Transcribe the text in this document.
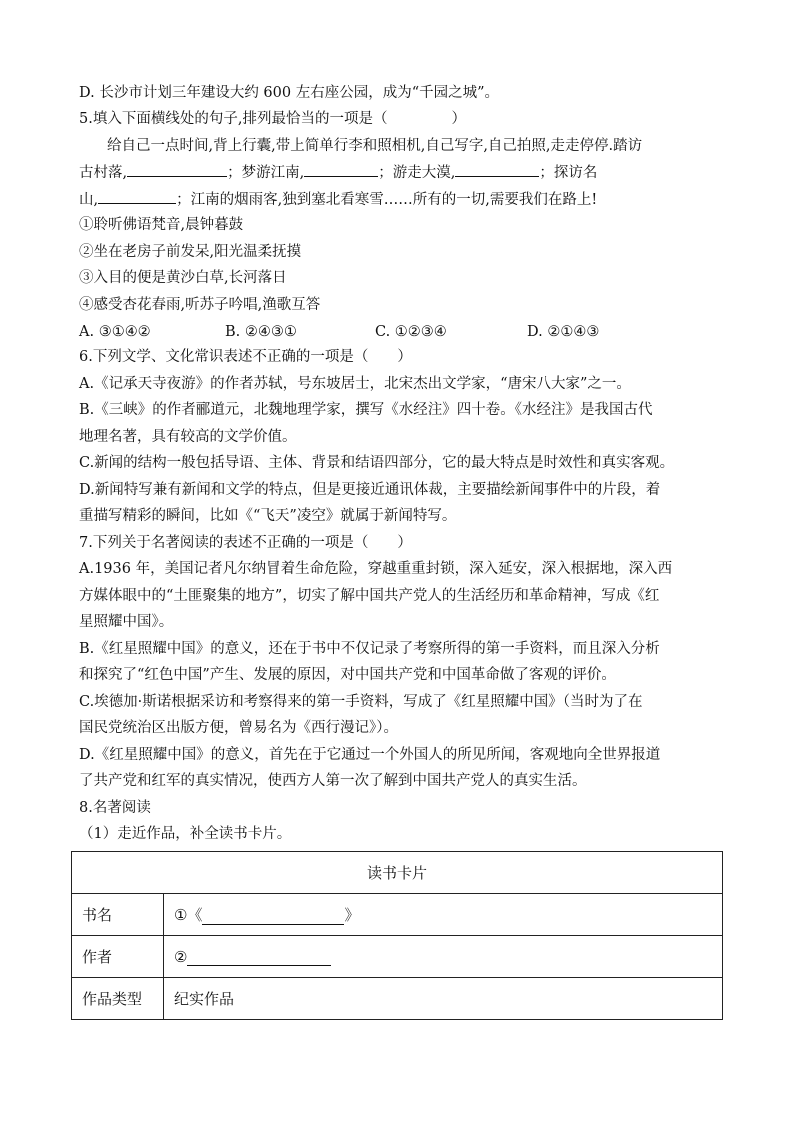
D. 长沙市计划三年建设大约 600 左右座公园，成为“千园之城”。
5.填入下面横线处的句子,排列最恰当的一项是（	）
给自己一点时间,背上行囊,带上简单行李和照相机,自己写字,自己拍照,走走停停.踏访
古村落,	；梦游江南,	；游走大漠,	；探访名
山,	；江南的烟雨客,独到塞北看寒雪……所有的一切,需要我们在路上!
①聆听佛语梵音,晨钟暮鼓
②坐在老房子前发呆,阳光温柔抚摸
③入目的便是黄沙白草,长河落日
④感受杏花春雨,听苏子吟唱,渔歌互答
A. ③①④②	B. ②④③①	C. ①②③④	D. ②①④③
6.下列文学、文化常识表述不正确的一项是（　　）
A.《记承天寺夜游》的作者苏轼，号东坡居士，北宋杰出文学家，“唐宋八大家”之一。
B.《三峡》的作者郦道元，北魏地理学家，撰写《水经注》四十卷。《水经注》是我国古代
地理名著，具有较高的文学价值。
C.新闻的结构一般包括导语、主体、背景和结语四部分，它的最大特点是时效性和真实客观。
D.新闻特写兼有新闻和文学的特点，但是更接近通讯体裁，主要描绘新闻事件中的片段，着
重描写精彩的瞬间，比如《“飞天”凌空》就属于新闻特写。
7.下列关于名著阅读的表述不正确的一项是（　　）
A.1936 年，美国记者凡尔纳冒着生命危险，穿越重重封锁，深入延安，深入根据地，深入西
方媒体眼中的“土匪聚集的地方”，切实了解中国共产党人的生活经历和革命精神，写成《红
星照耀中国》。
B.《红星照耀中国》的意义，还在于书中不仅记录了考察所得的第一手资料，而且深入分析
和探究了“红色中国”产生、发展的原因，对中国共产党和中国革命做了客观的评价。
C.埃德加·斯诺根据采访和考察得来的第一手资料，写成了《红星照耀中国》（当时为了在
国民党统治区出版方便，曾易名为《西行漫记》）。
D.《红星照耀中国》的意义，首先在于它通过一个外国人的所见所闻，客观地向全世界报道
了共产党和红军的真实情况，使西方人第一次了解到中国共产党人的真实生活。
8.名著阅读
（1）走近作品，补全读书卡片。
读书卡片	
书名	①《 》
作者	②
作品类型	纪实作品
